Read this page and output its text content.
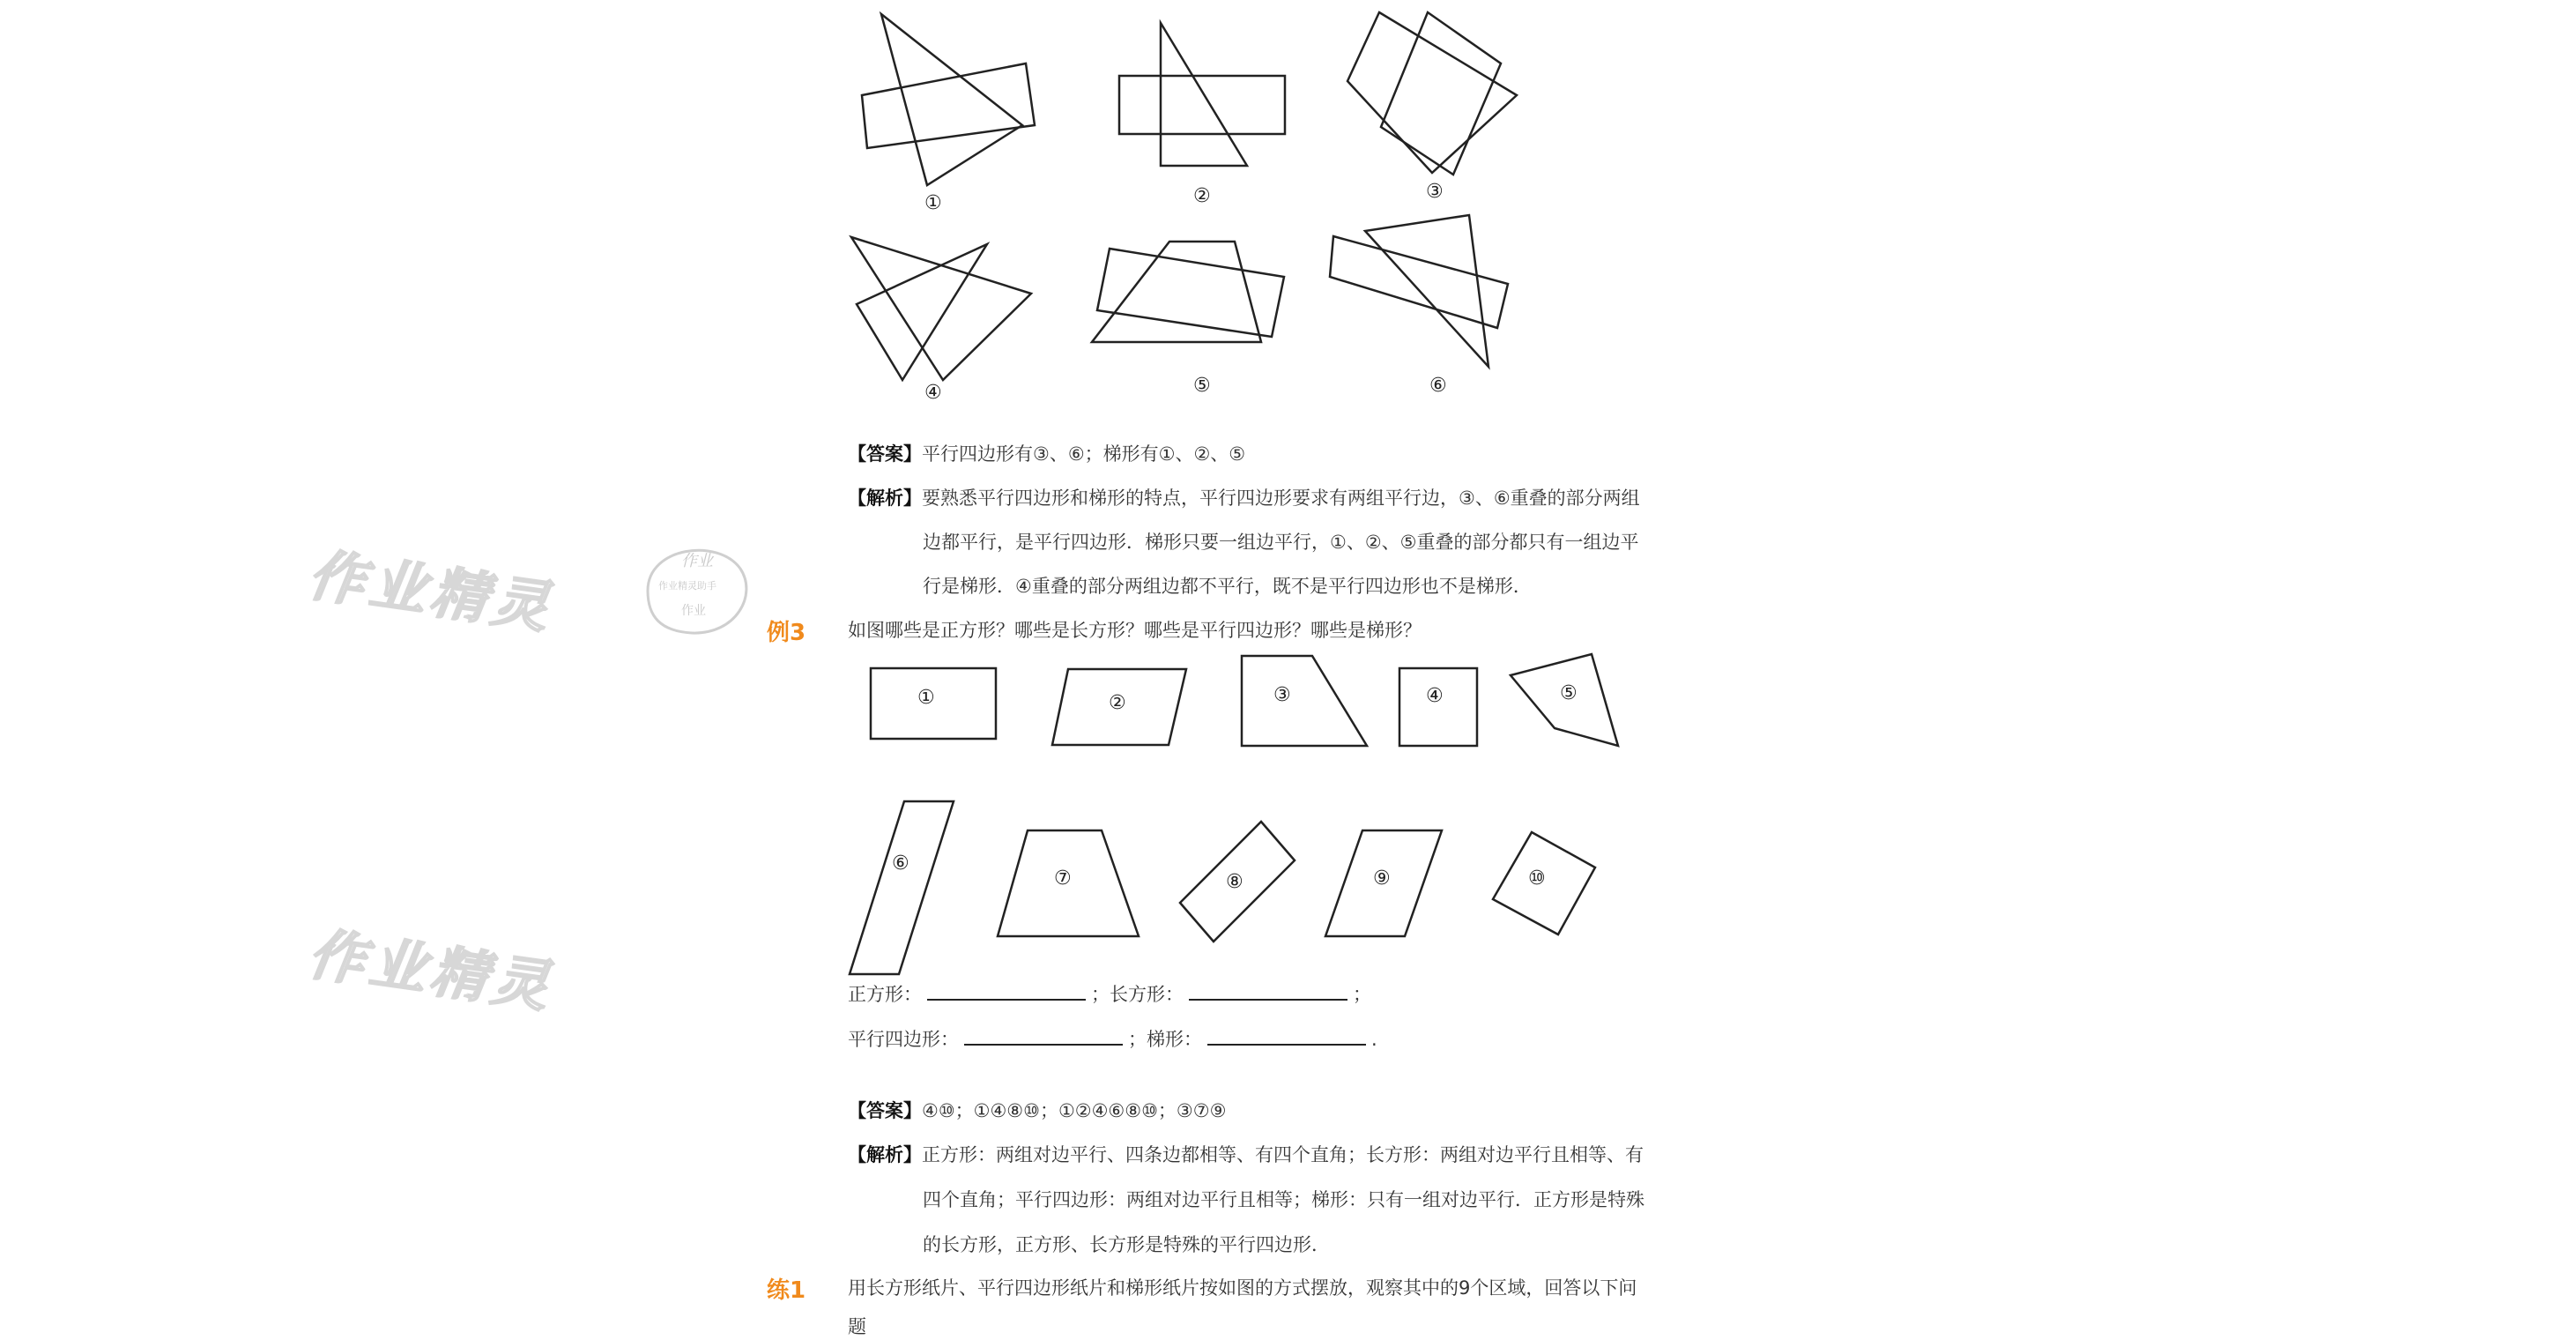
作业精灵
作业精灵
作业
作业精灵助手
作业
①	②	③
④	⑤	⑥
【答案】平行四边形有③、⑥；梯形有①、②、⑤
【解析】要熟悉平行四边形和梯形的特点，平行四边形要求有两组平行边，③、⑥重叠的部分两组
边都平行，是平行四边形．梯形只要一组边平行，①、②、⑤重叠的部分都只有一组边平
行是梯形．④重叠的部分两组边都不平行，既不是平行四边形也不是梯形．
例3 如图哪些是正方形？哪些是长方形？哪些是平行四边形？哪些是梯形？
①	②	③	④	⑤
⑥
⑦	⑧	⑨	⑩
正方形：	；长方形：	；
平行四边形：	；梯形：	.
【答案】④⑩；①④⑧⑩；①②④⑥⑧⑩；③⑦⑨
【解析】正方形：两组对边平行、四条边都相等、有四个直角；长方形：两组对边平行且相等、有
四个直角；平行四边形：两组对边平行且相等；梯形：只有一组对边平行．正方形是特殊
的长方形，正方形、长方形是特殊的平行四边形．
练1 用长方形纸片、平行四边形纸片和梯形纸片按如图的方式摆放，观察其中的9个区域，回答以下问
题
